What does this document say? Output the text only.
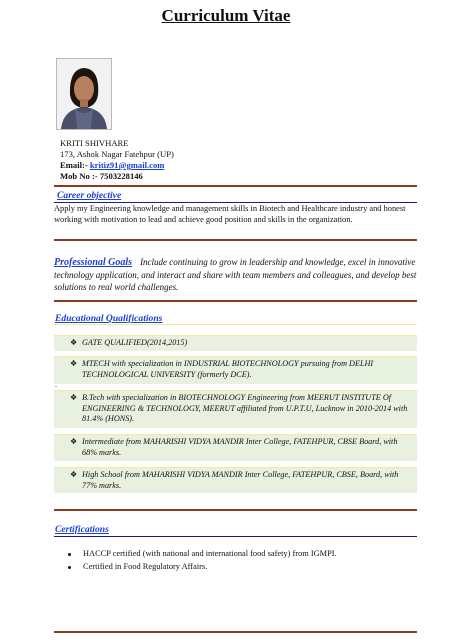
Curriculum Vitae
KRITI SHIVHARE
173, Ashok Nagar Fatehpur (UP)
Email:- kritiz91@gmail.com
Mob No :- 7503228146
Career objective
Apply my Engineering knowledge and management skills in Biotech and Healthcare industry and honest working with motivation to lead and achieve good position and skills in the organization.
Professional Goals Include continuing to grow in leadership and knowledge, excel in innovative technology application, and interact and share with team members and colleagues, and develop best solutions to real world challenges.
Educational Qualifications
❖ GATE QUALIFIED(2014,2015)
❖ MTECH with specialization in INDUSTRIAL BIOTECHNOLOGY pursuing from DELHI TECHNOLOGICAL UNIVERSITY (formerly DCE).
-
❖ B.Tech with specialization in BIOTECHNOLOGY Engineering from MEERUT INSTITUTE Of ENGINEERING & TECHNOLOGY, MEERUT affiliated from U.P.T.U, Lucknow in 2010-2014 with 81.4% (HONS).
❖ Intermediate from MAHARISHI VIDYA MANDIR Inter College, FATEHPUR, CBSE Board, with 68% marks.
❖ High School from MAHARISHI VIDYA MANDIR Inter College, FATEHPUR, CBSE, Board, with 77% marks.
Certifications
HACCP certified (with national and international food safety) from IGMPI.
Certified in Food Regulatory Affairs.
